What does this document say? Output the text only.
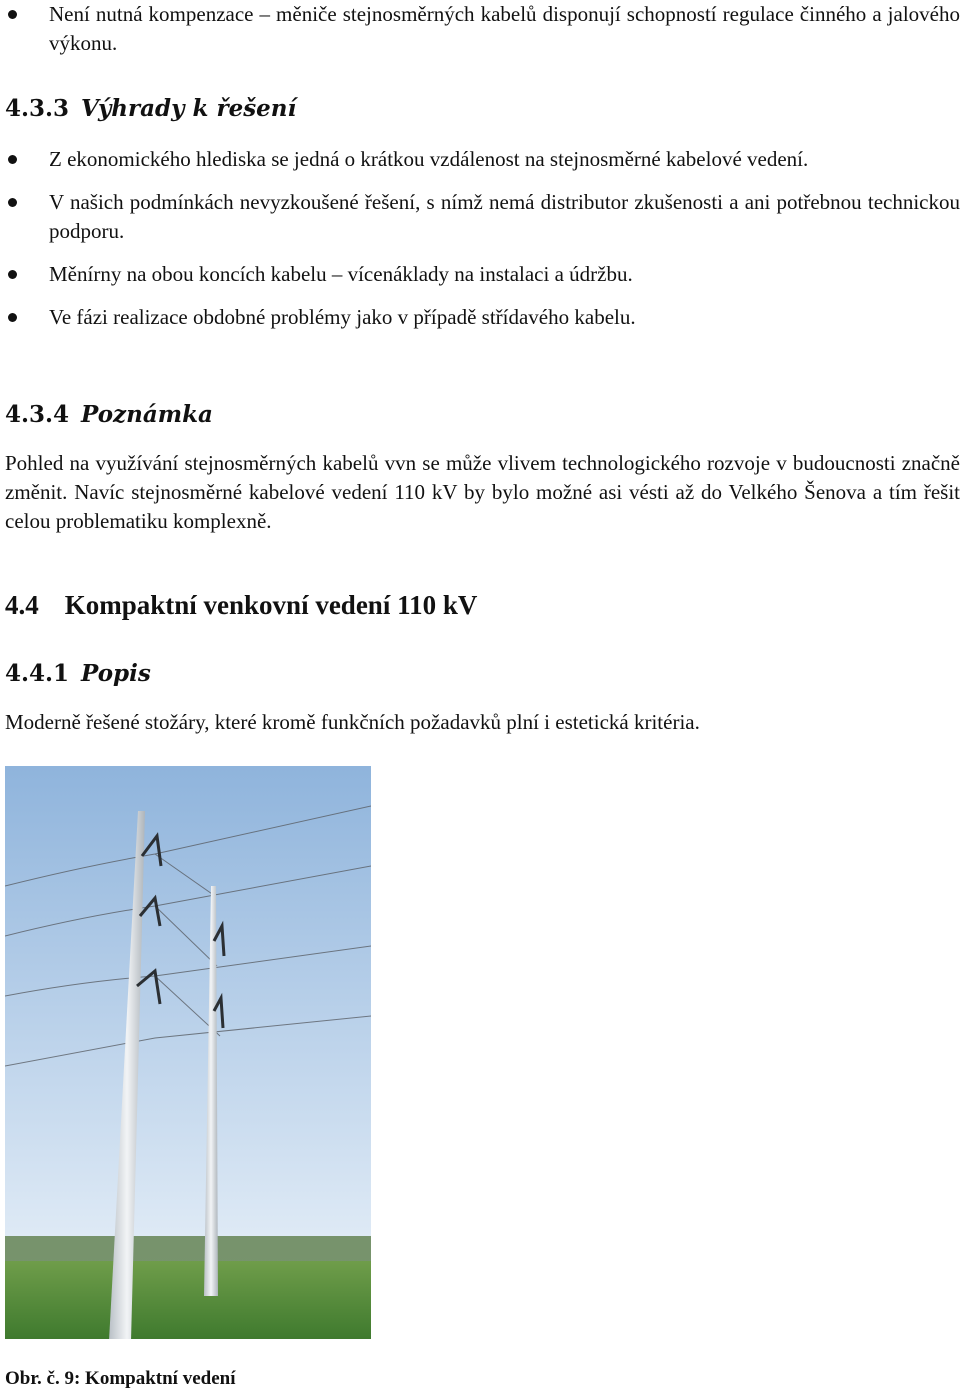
Není nutná kompenzace – měniče stejnosměrných kabelů disponují schopností regulace činného a jalového výkonu.
4.3.3 Výhrady k řešení
Z ekonomického hlediska se jedná o krátkou vzdálenost na stejnosměrné kabelové vedení.
V našich podmínkách nevyzkoušené řešení, s nímž nemá distributor zkušenosti a ani potřebnou technickou podporu.
Měnírny na obou koncích kabelu – vícenáklady na instalaci a údržbu.
Ve fázi realizace obdobné problémy jako v případě střídavého kabelu.
4.3.4 Poznámka

Pohled na využívání stejnosměrných kabelů vvn se může vlivem technologického rozvoje v budoucnosti značně změnit. Navíc stejnosměrné kabelové vedení 110 kV by bylo možné asi vésti až do Velkého Šenova a tím řešit celou problematiku komplexně.

4.4 Kompaktní venkovní vedení 110 kV
4.4.1 Popis

Moderně řešené stožáry, které kromě funkčních požadavků plní i estetická kritéria.

Obr. č. 9: Kompaktní vedení
